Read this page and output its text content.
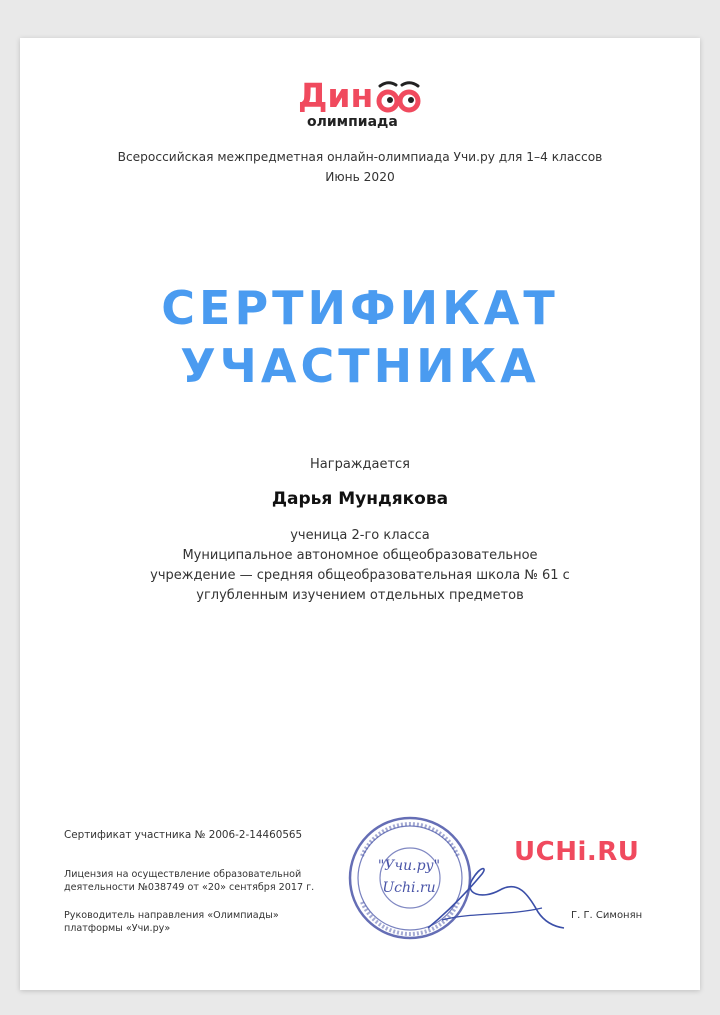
Дин
олимпиада
Всероссийская межпредметная онлайн-олимпиада Учи.ру для 1–4 классов
Июнь 2020
СЕРТИФИКАТ
УЧАСТНИКА
Награждается
Дарья Мундякова
ученица 2-го класса
Муниципальное автономное общеобразовательное
учреждение — средняя общеобразовательная школа № 61 с
углубленным изучением отдельных предметов
Сертификат участника № 2006-2-14460565
Лицензия на осуществление образовательной
деятельности №038749 от «20» сентября 2017 г.
Руководитель направления «Олимпиады»
платформы «Учи.ру»
"Учи.ру"
Uchi.ru
UCHi.RU
Г. Г. Симонян
